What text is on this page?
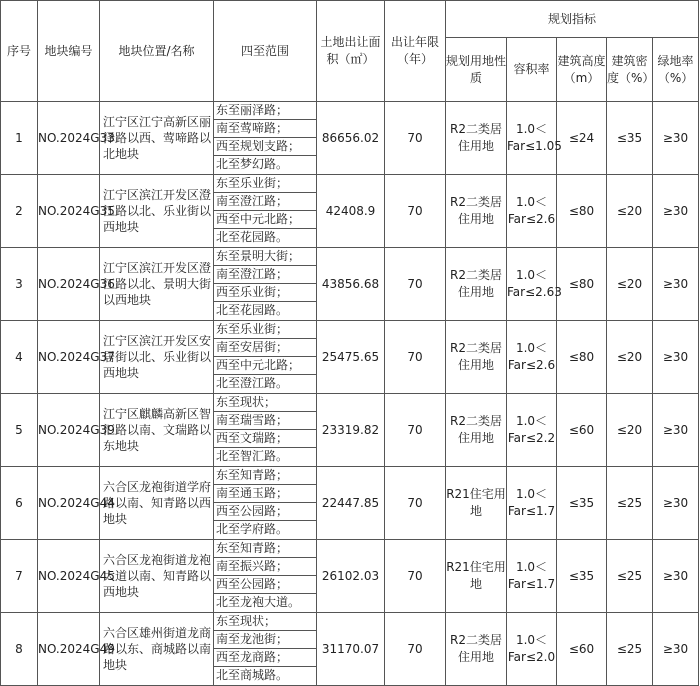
序号	地块编号	地块位置/名称	四至范围	土地出让面积（㎡）	出让年限（年）	规划指标				
						规划用地性质	容积率	建筑高度（m）	建筑密度（%）	绿地率（%）
1	NO.2024G33	江宁区江宁高新区丽泽路以西、莺啼路以北地块	东至丽泽路；
南至莺啼路；
西至规划支路；
北至梦幻路。	86656.02	70	R2二类居住用地	1.0＜Far≤1.05	≤24	≤35	≥30
2	NO.2024G35	江宁区滨江开发区澄江路以北、乐业街以西地块	东至乐业街；
南至澄江路；
西至中元北路；
北至花园路。	42408.9	70	R2二类居住用地	1.0＜Far≤2.6	≤80	≤20	≥30
3	NO.2024G36	江宁区滨江开发区澄江路以北、景明大街以西地块	东至景明大街；
南至澄江路；
西至乐业街；
北至花园路。	43856.68	70	R2二类居住用地	1.0＜Far≤2.63	≤80	≤20	≥30
4	NO.2024G37	江宁区滨江开发区安居街以北、乐业街以西地块	东至乐业街；
南至安居街；
西至中元北路；
北至澄江路。	25475.65	70	R2二类居住用地	1.0＜Far≤2.6	≤80	≤20	≥30
5	NO.2024G39	江宁区麒麟高新区智汇路以南、文瑞路以东地块	东至现状；
南至瑞雪路；
西至文瑞路；
北至智汇路。	23319.82	70	R2二类居住用地	1.0＜Far≤2.2	≤60	≤20	≥30
6	NO.2024G44	六合区龙袍街道学府路以南、知青路以西地块	东至知青路；
南至通玉路；
西至公园路；
北至学府路。	22447.85	70	R21住宅用地	1.0＜Far≤1.7	≤35	≤25	≥30
7	NO.2024G45	六合区龙袍街道龙袍大道以南、知青路以西地块	东至知青路；
南至振兴路；
西至公园路；
北至龙袍大道。	26102.03	70	R21住宅用地	1.0＜Far≤1.7	≤35	≤25	≥30
8	NO.2024G49	六合区雄州街道龙商路以东、商城路以南地块	东至现状；
南至龙池街；
西至龙商路；
北至商城路。	31170.07	70	R2二类居住用地	1.0＜Far≤2.0	≤60	≤25	≥30
